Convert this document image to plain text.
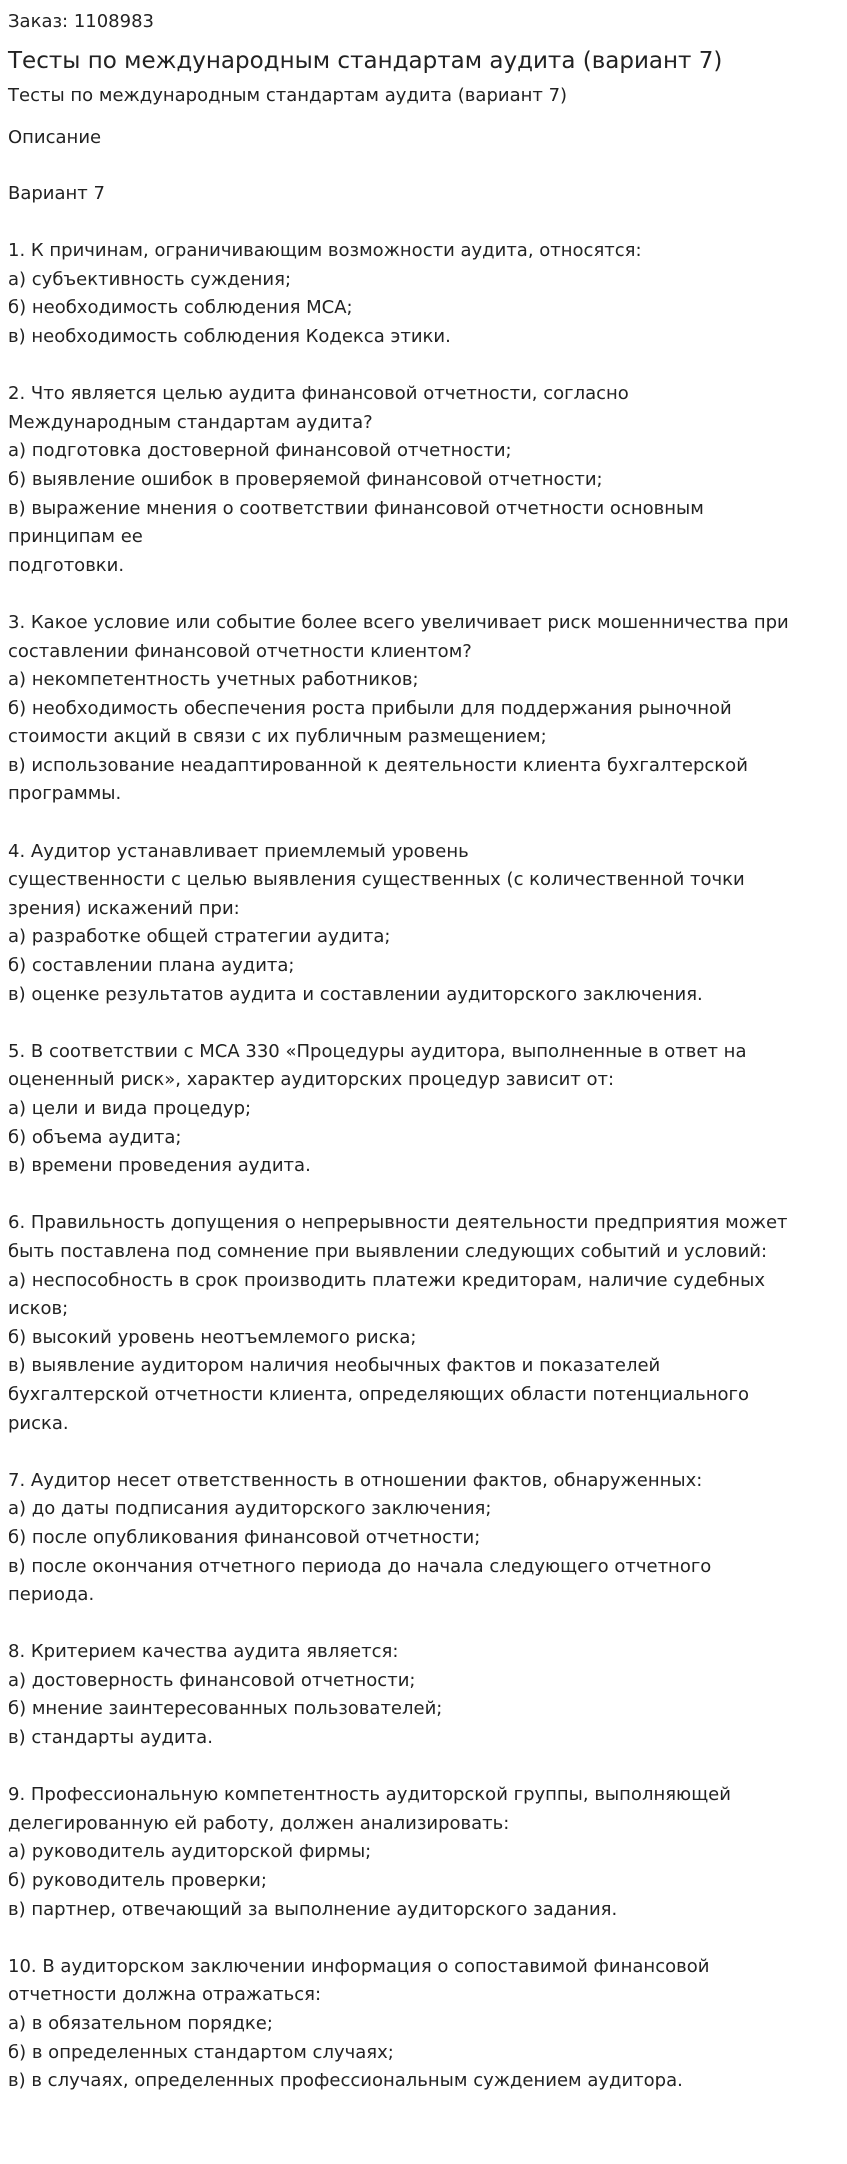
Заказ: 1108983
Тесты по международным стандартам аудита (вариант 7)
Тесты по международным стандартам аудита (вариант 7)
Описание
Вариант 7
1. К причинам, ограничивающим возможности аудита, относятся:
а) субъективность суждения;
б) необходимость соблюдения МСА;
в) необходимость соблюдения Кодекса этики.
2. Что является целью аудита финансовой отчетности, согласно
Международным стандартам аудита?
а) подготовка достоверной финансовой отчетности;
б) выявление ошибок в проверяемой финансовой отчетности;
в) выражение мнения о соответствии финансовой отчетности основным
принципам ее
подготовки.
3. Какое условие или событие более всего увеличивает риск мошенничества при
составлении финансовой отчетности клиентом?
а) некомпетентность учетных работников;
б) необходимость обеспечения роста прибыли для поддержания рыночной
стоимости акций в связи с их публичным размещением;
в) использование неадаптированной к деятельности клиента бухгалтерской
программы.
4. Аудитор устанавливает приемлемый уровень
существенности с целью выявления существенных (с количественной точки
зрения) искажений при:
а) разработке общей стратегии аудита;
б) составлении плана аудита;
в) оценке результатов аудита и составлении аудиторского заключения.
5. В соответствии с МСА 330 «Процедуры аудитора, выполненные в ответ на
оцененный риск», характер аудиторских процедур зависит от:
а) цели и вида процедур;
б) объема аудита;
в) времени проведения аудита.
6. Правильность допущения о непрерывности деятельности предприятия может
быть поставлена под сомнение при выявлении следующих событий и условий:
а) неспособность в срок производить платежи кредиторам, наличие судебных
исков;
б) высокий уровень неотъемлемого риска;
в) выявление аудитором наличия необычных фактов и показателей
бухгалтерской отчетности клиента, определяющих области потенциального
риска.
7. Аудитор несет ответственность в отношении фактов, обнаруженных:
а) до даты подписания аудиторского заключения;
б) после опубликования финансовой отчетности;
в) после окончания отчетного периода до начала следующего отчетного
периода.
8. Критерием качества аудита является:
а) достоверность финансовой отчетности;
б) мнение заинтересованных пользователей;
в) стандарты аудита.
9. Профессиональную компетентность аудиторской группы, выполняющей
делегированную ей работу, должен анализировать:
а) руководитель аудиторской фирмы;
б) руководитель проверки;
в) партнер, отвечающий за выполнение аудиторского задания.
10. В аудиторском заключении информация о сопоставимой финансовой
отчетности должна отражаться:
а) в обязательном порядке;
б) в определенных стандартом случаях;
в) в случаях, определенных профессиональным суждением аудитора.
